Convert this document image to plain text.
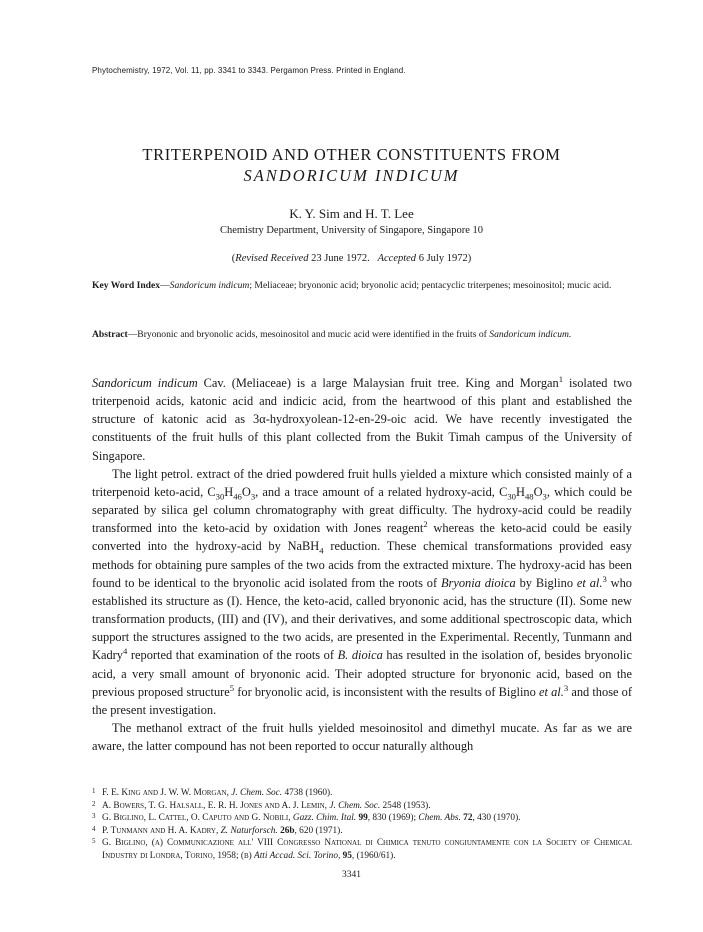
Phytochemistry, 1972, Vol. 11, pp. 3341 to 3343. Pergamon Press. Printed in England.
TRITERPENOID AND OTHER CONSTITUENTS FROM
SANDORICUM INDICUM
K. Y. Sim and H. T. Lee
Chemistry Department, University of Singapore, Singapore 10
(Revised Received 23 June 1972. Accepted 6 July 1972)
Key Word Index—Sandoricum indicum; Meliaceae; bryononic acid; bryonolic acid; pentacyclic triterpenes; mesoinositol; mucic acid.
Abstract—Bryononic and bryonolic acids, mesoinositol and mucic acid were identified in the fruits of Sandoricum indicum.

Sandoricum indicum Cav. (Meliaceae) is a large Malaysian fruit tree. King and Morgan$^1$ isolated two triterpenoid acids, katonic acid and indicic acid, from the heartwood of this plant and established the structure of katonic acid as 3α-hydroxyolean-12-en-29-oic acid. We have recently investigated the constituents of the fruit hulls of this plant collected from the Bukit Timah campus of the University of Singapore.

The light petrol. extract of the dried powdered fruit hulls yielded a mixture which consisted mainly of a triterpenoid keto-acid, $C_{30}H_{46}O_3$, and a trace amount of a related hydroxy-acid, $C_{30}H_{48}O_3$, which could be separated by silica gel column chromatography with great difficulty. The hydroxy-acid could be readily transformed into the keto-acid by oxidation with Jones reagent$^2$ whereas the keto-acid could be easily converted into the hydroxy-acid by NaBH$_4$ reduction. These chemical transformations provided easy methods for obtaining pure samples of the two acids from the extracted mixture. The hydroxy-acid has been found to be identical to the bryonolic acid isolated from the roots of Bryonia dioica by Biglino et al.$^3$ who established its structure as (I). Hence, the keto-acid, called bryononic acid, has the structure (II). Some new transformation products, (III) and (IV), and their derivatives, and some additional spectroscopic data, which support the structures assigned to the two acids, are presented in the Experimental. Recently, Tunmann and Kadry$^4$ reported that examination of the roots of B. dioica has resulted in the isolation of, besides bryonolic acid, a very small amount of bryononic acid. Their adopted structure for bryononic acid, based on the previous proposed structure$^5$ for bryonolic acid, is inconsistent with the results of Biglino et al.$^3$ and those of the present investigation.

The methanol extract of the fruit hulls yielded mesoinositol and dimethyl mucate. As far as we are aware, the latter compound has not been reported to occur naturally although

1 F. E. King and J. W. W. Morgan, J. Chem. Soc. 4738 (1960).
2 A. Bowers, T. G. Halsall, E. R. H. Jones and A. J. Lemin, J. Chem. Soc. 2548 (1953).
3 G. Biglino, L. Cattel, O. Caputo and G. Nobili, Gazz. Chim. Ital. 99, 830 (1969); Chem. Abs. 72, 430 (1970).
4 P. Tunmann and H. A. Kadry, Z. Naturforsch. 26b, 620 (1971).
5 G. Biglino, (a) Communicazione all' VIII Congresso National di Chimica tenuto congiuntamente con la Society of Chemical Industry di Londra, Torino, 1958; (b) Atti Accad. Sci. Torino, 95, (1960/61).
3341
